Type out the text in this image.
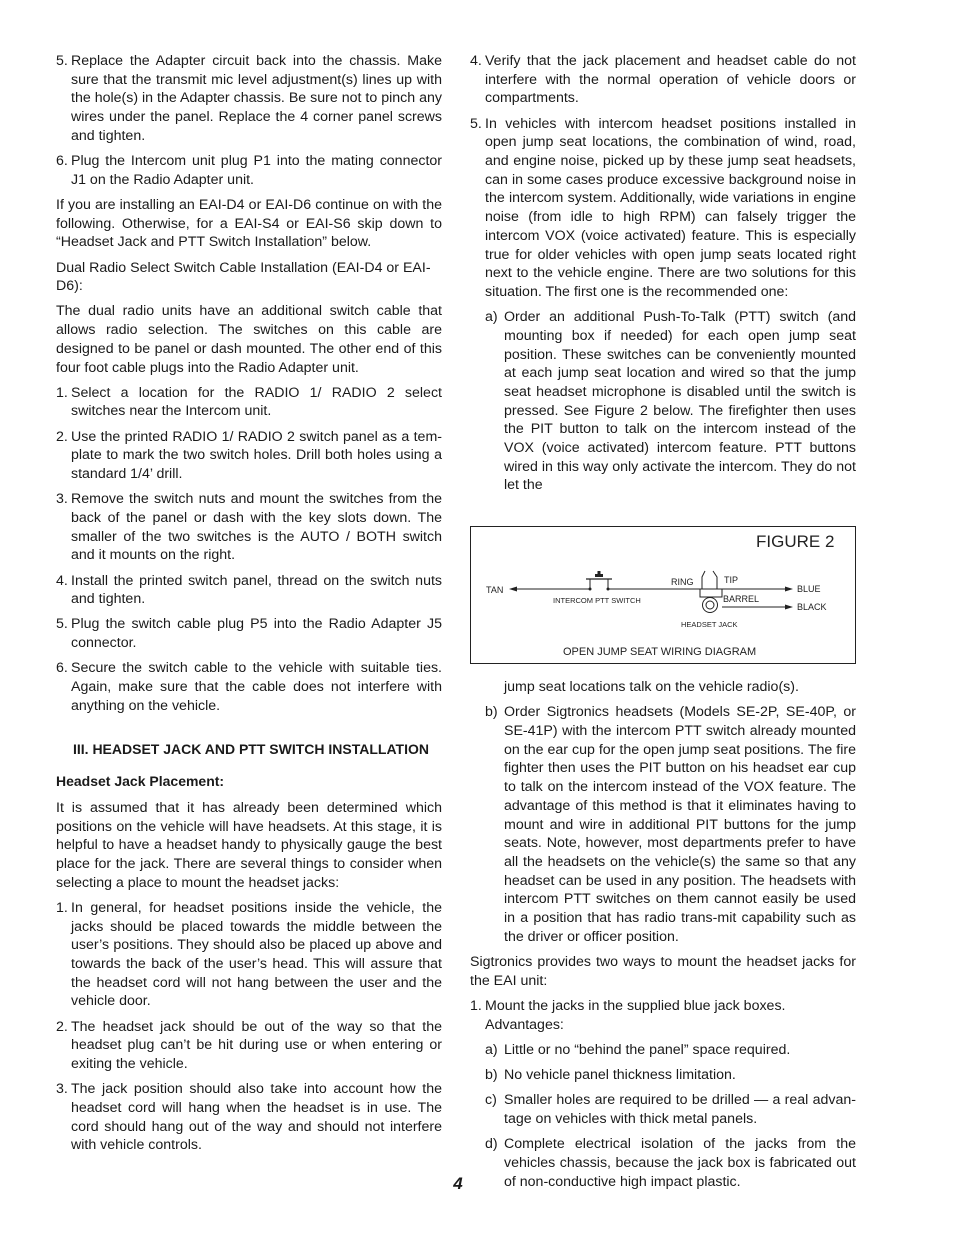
5. Replace the Adapter circuit back into the chassis. Make sure that the transmit mic level adjustment(s) lines up with the hole(s) in the Adapter chassis. Be sure not to pinch any wires under the panel. Replace the 4 corner panel screws and tighten.
6. Plug the Intercom unit plug P1 into the mating connector J1 on the Radio Adapter unit.

If you are installing an EAI-D4 or EAI-D6 continue on with the following. Otherwise, for a EAI-S4 or EAI-S6 skip down to “Headset Jack and PTT Switch Installation” below.

Dual Radio Select Switch Cable Installation (EAI-D4 or EAI-D6):

The dual radio units have an additional switch cable that allows radio selection. The switches on this cable are designed to be panel or dash mounted. The other end of this four foot cable plugs into the Radio Adapter unit.

1. Select a location for the RADIO 1/ RADIO 2 select switches near the Intercom unit.
2. Use the printed RADIO 1/ RADIO 2 switch panel as a tem-plate to mark the two switch holes. Drill both holes using a standard 1/4’ drill.
3. Remove the switch nuts and mount the switches from the back of the panel or dash with the key slots down. The smaller of the two switches is the AUTO / BOTH switch and it mounts on the right.
4. Install the printed switch panel, thread on the switch nuts and tighten.
5. Plug the switch cable plug P5 into the Radio Adapter J5 connector.
6. Secure the switch cable to the vehicle with suitable ties. Again, make sure that the cable does not interfere with anything on the vehicle.
III. HEADSET JACK AND PTT SWITCH INSTALLATION
Headset Jack Placement:

It is assumed that it has already been determined which positions on the vehicle will have headsets. At this stage, it is helpful to have a headset handy to physically gauge the best place for the jack. There are several things to consider when selecting a place to mount the headset jacks:

1. In general, for headset positions inside the vehicle, the jacks should be placed towards the middle between the user’s positions. They should also be placed up above and towards the back of the user’s head. This will assure that the headset cord will not hang between the user and the vehicle door.
2. The headset jack should be out of the way so that the headset plug can’t be hit during use or when entering or exiting the vehicle.
3. The jack position should also take into account how the headset cord will hang when the headset is in use. The cord should hang out of the way and should not interfere with vehicle controls.
4. Verify that the jack placement and headset cable do not interfere with the normal operation of vehicle doors or compartments.
5. In vehicles with intercom headset positions installed in open jump seat locations, the combination of wind, road, and engine noise, picked up by these jump seat headsets, can in some cases produce excessive background noise in the intercom system. Additionally, wide variations in engine noise (from idle to high RPM) can falsely trigger the intercom VOX (voice activated) feature. This is especially true for older vehicles with open jump seats located right next to the vehicle engine. There are two solutions for this situation. The first one is the recommended one:
a) Order an additional Push-To-Talk (PTT) switch (and mounting box if needed) for each open jump seat position. These switches can be conveniently mounted at each jump seat location and wired so that the jump seat headset microphone is disabled until the switch is pressed. See Figure 2 below. The firefighter then uses the PIT button to talk on the intercom instead of the VOX (voice activated) intercom feature. PTT buttons wired in this way only activate the intercom. They do not let the
FIGURE 2
TAN
INTERCOM PTT SWITCH
RING	TIP
BARREL
HEADSET JACK
BLUE
BLACK
OPEN JUMP SEAT WIRING DIAGRAM
jump seat locations talk on the vehicle radio(s).
b) Order Sigtronics headsets (Models SE-2P, SE-40P, or SE-41P) with the intercom PTT switch already mounted on the ear cup for the open jump seat positions. The fire fighter then uses the PIT button on his headset ear cup to talk on the intercom instead of the VOX feature. The advantage of this method is that it eliminates having to mount and wire in additional PIT buttons for the jump seats. Note, however, most departments prefer to have all the headsets on the vehicle(s) the same so that any headset can be used in any position. The headsets with intercom PTT switches on them cannot easily be used in a position that has radio trans-mit capability such as the driver or officer position.

Sigtronics provides two ways to mount the headset jacks for the EAI unit:

1. Mount the jacks in the supplied blue jack boxes. Advantages:
a) Little or no “behind the panel” space required.
b) No vehicle panel thickness limitation.
c) Smaller holes are required to be drilled — a real advan-tage on vehicles with thick metal panels.
d) Complete electrical isolation of the jacks from the vehicles chassis, because the jack box is fabricated out of non-conductive high impact plastic.
4
